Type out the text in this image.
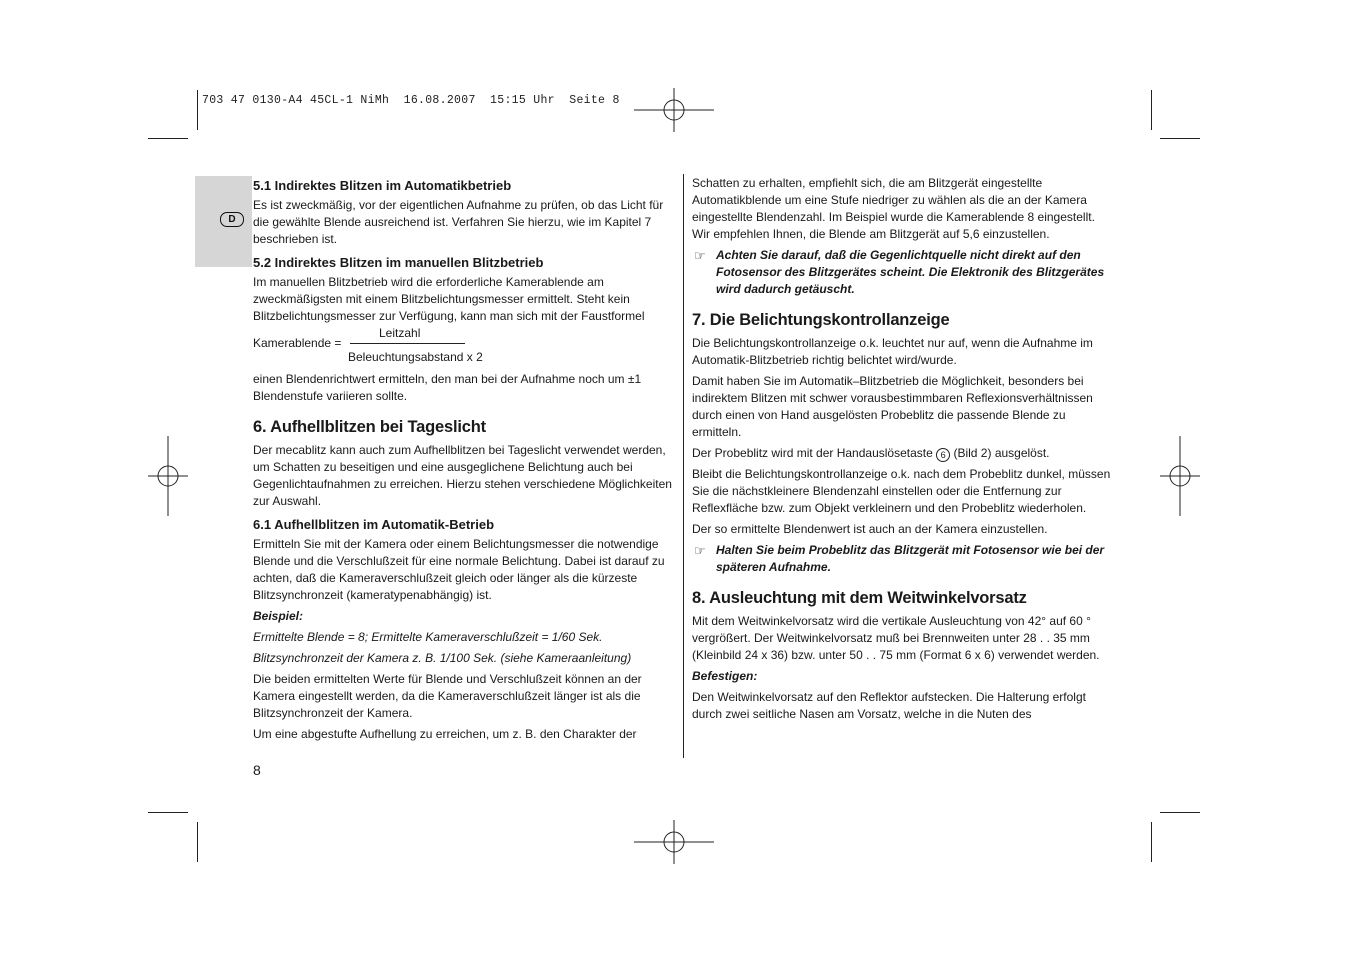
703 47 0130-A4 45CL-1 NiMh  16.08.2007  15:15 Uhr  Seite 8
D
5.1 Indirektes Blitzen im Automatikbetrieb

Es ist zweckmäßig, vor der eigentlichen Aufnahme zu prüfen, ob das Licht für die gewählte Blende ausreichend ist. Verfahren Sie hierzu, wie im Kapitel 7 beschrieben ist.

5.2 Indirektes Blitzen im manuellen Blitzbetrieb

Im manuellen Blitzbetrieb wird die erforderliche Kamerablende am zweckmäßigsten mit einem Blitzbelichtungsmesser ermittelt. Steht kein Blitzbelichtungsmesser zur Verfügung, kann man sich mit der Faustformel

Kamerablende =
Leitzahl
Beleuchtungsabstand x 2

einen Blendenrichtwert ermitteln, den man bei der Aufnahme noch um ±1 Blendenstufe variieren sollte.

6. Aufhellblitzen bei Tageslicht

Der mecablitz kann auch zum Aufhellblitzen bei Tageslicht verwendet werden, um Schatten zu beseitigen und eine ausgeglichene Belichtung auch bei Gegenlichtaufnahmen zu erreichen. Hierzu stehen verschiedene Möglichkeiten zur Auswahl.

6.1 Aufhellblitzen im Automatik-Betrieb

Ermitteln Sie mit der Kamera oder einem Belichtungsmesser die notwendige Blende und die Verschlußzeit für eine normale Belichtung. Dabei ist darauf zu achten, daß die Kameraverschlußzeit gleich oder länger als die kürzeste Blitzsynchronzeit (kameratypenabhängig) ist.

Beispiel:

Ermittelte Blende = 8; Ermittelte Kameraverschlußzeit = 1/60 Sek.

Blitzsynchronzeit der Kamera z. B. 1/100 Sek. (siehe Kameraanleitung)

Die beiden ermittelten Werte für Blende und Verschlußzeit können an der Kamera eingestellt werden, da die Kameraverschlußzeit länger ist als die Blitzsynchronzeit der Kamera.

Um eine abgestufte Aufhellung zu erreichen, um z. B. den Charakter der

8

Schatten zu erhalten, empfiehlt sich, die am Blitzgerät eingestellte Automatikblende um eine Stufe niedriger zu wählen als die an der Kamera eingestellte Blendenzahl. Im Beispiel wurde die Kamerablende 8 eingestellt. Wir empfehlen Ihnen, die Blende am Blitzgerät auf 5,6 einzustellen.

☞ Achten Sie darauf, daß die Gegenlichtquelle nicht direkt auf den Fotosensor des Blitzgerätes scheint. Die Elektronik des Blitzgerätes wird dadurch getäuscht.
7. Die Belichtungskontrollanzeige

Die Belichtungskontrollanzeige o.k. leuchtet nur auf, wenn die Aufnahme im Automatik-Blitzbetrieb richtig belichtet wird/wurde.

Damit haben Sie im Automatik–Blitzbetrieb die Möglichkeit, besonders bei indirektem Blitzen mit schwer vorausbestimmbaren Reflexionsverhältnissen durch einen von Hand ausgelösten Probeblitz die passende Blende zu ermitteln.

Der Probeblitz wird mit der Handauslösetaste 6 (Bild 2) ausgelöst.

Bleibt die Belichtungskontrollanzeige o.k. nach dem Probeblitz dunkel, müssen Sie die nächstkleinere Blendenzahl einstellen oder die Entfernung zur Reflexfläche bzw. zum Objekt verkleinern und den Probeblitz wiederholen.

Der so ermittelte Blendenwert ist auch an der Kamera einzustellen.

☞ Halten Sie beim Probeblitz das Blitzgerät mit Fotosensor wie bei der späteren Aufnahme.
8. Ausleuchtung mit dem Weitwinkelvorsatz

Mit dem Weitwinkelvorsatz wird die vertikale Ausleuchtung von 42° auf 60 ° vergrößert. Der Weitwinkelvorsatz muß bei Brennweiten unter 28 . . 35 mm (Kleinbild 24 x 36) bzw. unter 50 . . 75 mm (Format 6 x 6) verwendet werden.

Befestigen:

Den Weitwinkelvorsatz auf den Reflektor aufstecken. Die Halterung erfolgt durch zwei seitliche Nasen am Vorsatz, welche in die Nuten des
